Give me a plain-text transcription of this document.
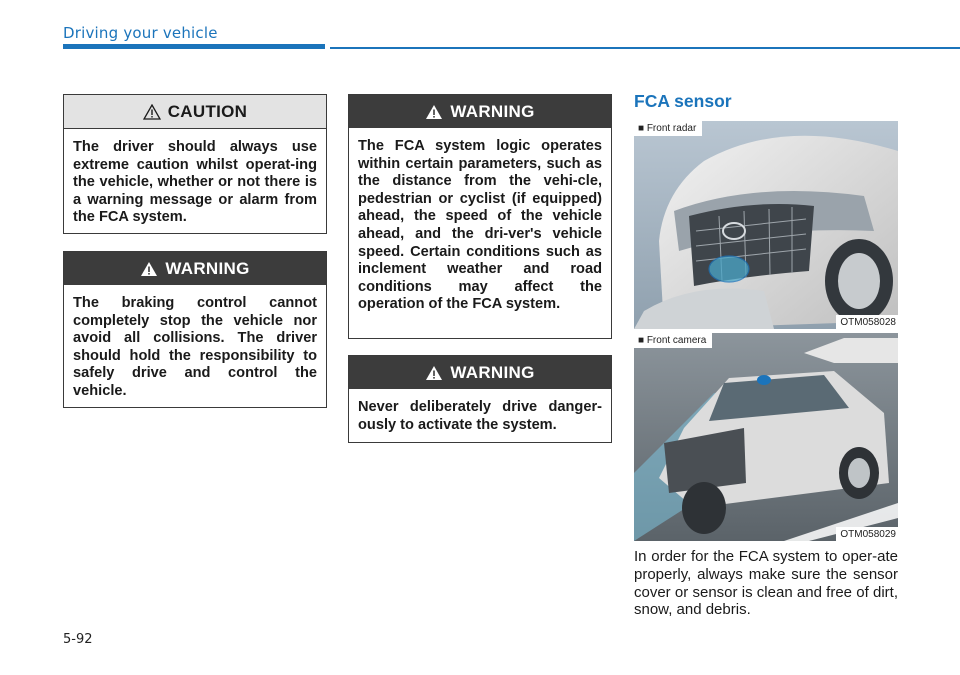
Driving your vehicle
CAUTION
The driver should always use extreme caution whilst operat-ing the vehicle, whether or not there is a warning message or alarm from the FCA system.
WARNING
The braking control cannot completely stop the vehicle nor avoid all collisions. The driver should hold the responsibility to safely drive and control the vehicle.
WARNING
The FCA system logic operates within certain parameters, such as the distance from the vehi-cle, pedestrian or cyclist (if equipped) ahead, the speed of the vehicle ahead, and the dri-ver's vehicle speed. Certain conditions such as inclement weather and road conditions may affect the operation of the FCA system.
WARNING
Never deliberately drive danger-ously to activate the system.
FCA sensor
■ Front radar
OTM058028
■ Front camera
OTM058029
In order for the FCA system to oper-ate properly, always make sure the sensor cover or sensor is clean and free of dirt, snow, and debris.
5-92
